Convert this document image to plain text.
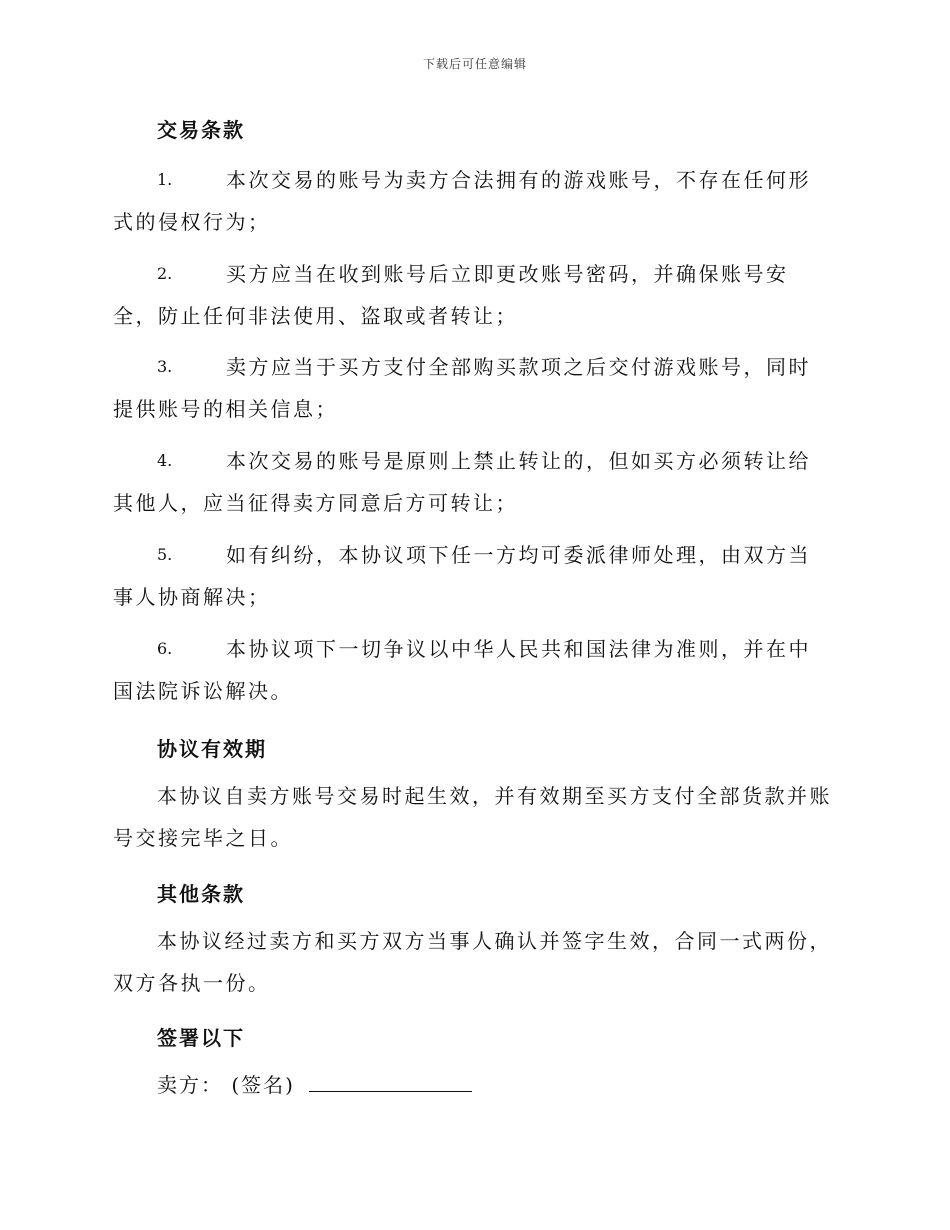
下载后可任意编辑
交易条款
1.	本次交易的账号为卖方合法拥有的游戏账号，不存在任何形式的侵权行为；
2.	买方应当在收到账号后立即更改账号密码，并确保账号安全，防止任何非法使用、盗取或者转让；
3.	卖方应当于买方支付全部购买款项之后交付游戏账号，同时提供账号的相关信息；
4.	本次交易的账号是原则上禁止转让的，但如买方必须转让给其他人，应当征得卖方同意后方可转让；
5.	如有纠纷，本协议项下任一方均可委派律师处理，由双方当事人协商解决；
6.	本协议项下一切争议以中华人民共和国法律为准则，并在中国法院诉讼解决。
协议有效期
本协议自卖方账号交易时起生效，并有效期至买方支付全部货款并账号交接完毕之日。
其他条款
本协议经过卖方和买方双方当事人确认并签字生效，合同一式两份，双方各执一份。
签署以下
卖方： (签名)
